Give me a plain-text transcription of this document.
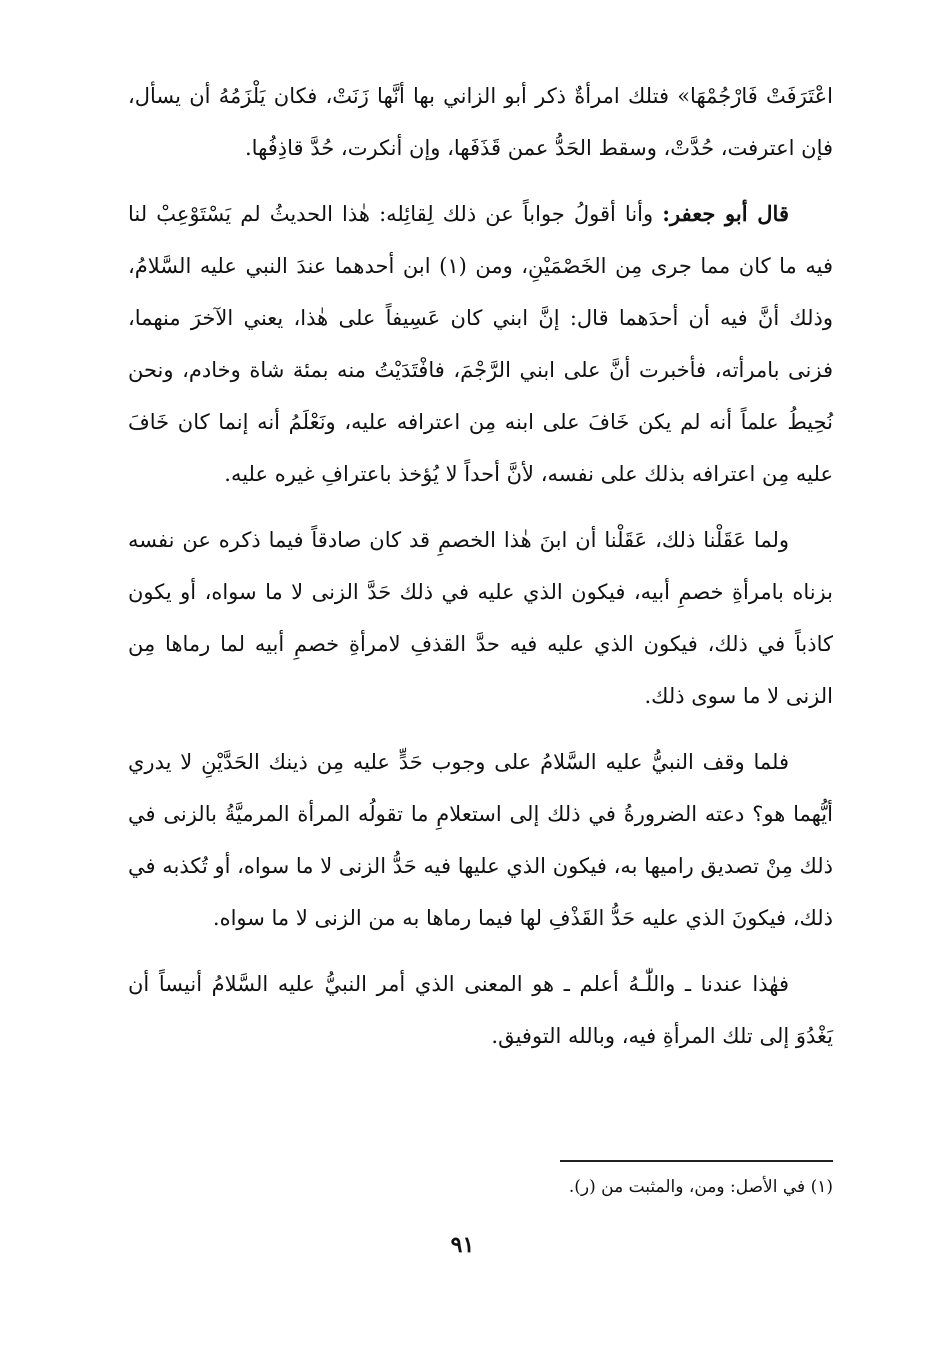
اعْتَرَفَتْ فَارْجُمْهَا» فتلك امرأةٌ ذكر أبو الزاني بها أنَّها زَنَتْ، فكان يَلْزَمُهُ أن يسأل، فإن اعترفت، حُدَّتْ، وسقط الحَدُّ عمن قَذَفَها، وإن أنكرت، حُدَّ قاذِفُها.

قال أبو جعفر: وأنا أقولُ جواباً عن ذلك لِقائِله: هٰذا الحديثُ لم يَسْتَوْعِبْ لنا فيه ما كان مما جرى مِن الخَصْمَيْنِ، ومن (١) ابن أحدهما عندَ النبي عليه السَّلامُ، وذلك أنَّ فيه أن أحدَهما قال: إنَّ ابني كان عَسِيفاً على هٰذا، يعني الآخرَ منهما، فزنى بامرأته، فأخبرت أنَّ على ابني الرَّجْمَ، فافْتَدَيْتُ منه بمئة شاة وخادم، ونحن نُحِيطُ علماً أنه لم يكن خَافَ على ابنه مِن اعترافه عليه، ونَعْلَمُ أنه إنما كان خَافَ عليه مِن اعترافه بذلك على نفسه، لأنَّ أحداً لا يُؤخذ باعترافِ غيره عليه.

ولما عَقَلْنا ذلك، عَقَلْنا أن ابنَ هٰذا الخصمِ قد كان صادقاً فيما ذكره عن نفسه بزناه بامرأةِ خصمِ أبيه، فيكون الذي عليه في ذلك حَدَّ الزنى لا ما سواه، أو يكون كاذباً في ذلك، فيكون الذي عليه فيه حدَّ القذفِ لامرأةِ خصمِ أبيه لما رماها مِن الزنى لا ما سوى ذلك.

فلما وقف النبيُّ عليه السَّلامُ على وجوب حَدٍّ عليه مِن ذينك الحَدَّيْنِ لا يدري أيُّهما هو؟ دعته الضرورةُ في ذلك إلى استعلامِ ما تقولُه المرأة المرميَّةُ بالزنى في ذلك مِنْ تصديق راميها به، فيكون الذي عليها فيه حَدُّ الزنى لا ما سواه، أو تُكذبه في ذلك، فيكونَ الذي عليه حَدُّ القَذْفِ لها فيما رماها به من الزنى لا ما سواه.

فهٰذا عندنا ـ واللّٰـهُ أعلم ـ هو المعنى الذي أمر النبيُّ عليه السَّلامُ أنيساً أن يَغْدُوَ إلى تلك المرأةِ فيه، وبالله التوفيق.

(١) في الأصل: ومن، والمثبت من (ر).

٩١
